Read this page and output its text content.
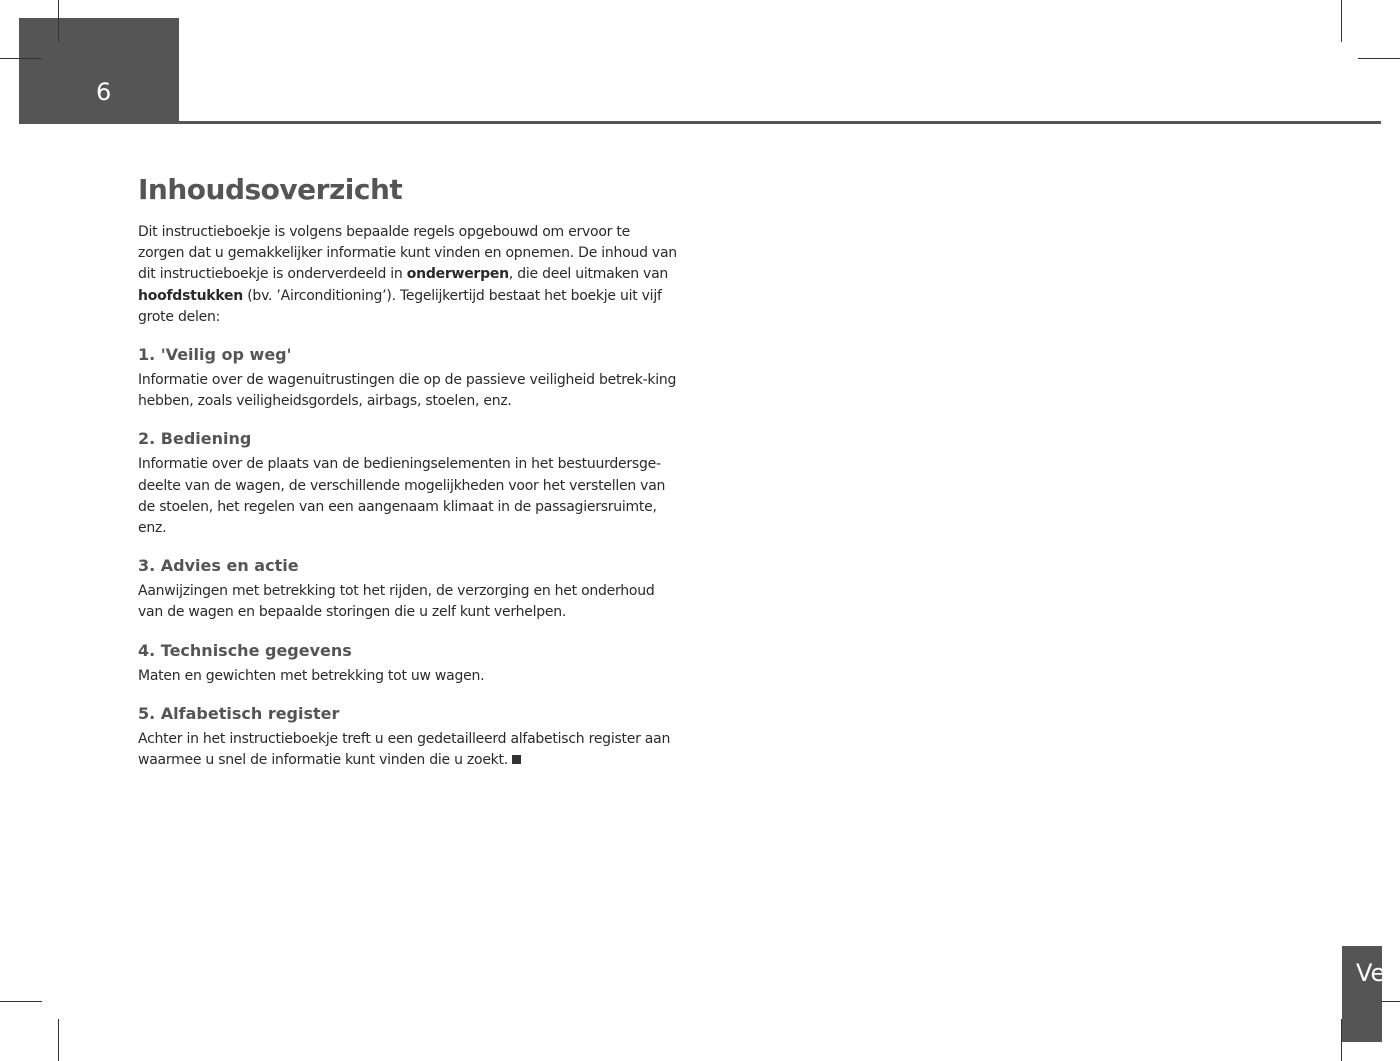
6
Ve
Inhoudsoverzicht

Dit instructieboekje is volgens bepaalde regels opgebouwd om ervoor te zorgen dat u gemakkelijker informatie kunt vinden en opnemen. De inhoud van dit instructieboekje is onderverdeeld in onderwerpen, die deel uitmaken van hoofdstukken (bv. ’Airconditioning’). Tegelijkertijd bestaat het boekje uit vijf grote delen:

1. 'Veilig op weg'

Informatie over de wagenuitrustingen die op de passieve veiligheid betrek-king hebben, zoals veiligheidsgordels, airbags, stoelen, enz.

2. Bediening

Informatie over de plaats van de bedieningselementen in het bestuurdersge-deelte van de wagen, de verschillende mogelijkheden voor het verstellen van de stoelen, het regelen van een aangenaam klimaat in de passagiersruimte, enz.

3. Advies en actie

Aanwijzingen met betrekking tot het rijden, de verzorging en het onderhoud van de wagen en bepaalde storingen die u zelf kunt verhelpen.

4. Technische gegevens

Maten en gewichten met betrekking tot uw wagen.

5. Alfabetisch register

Achter in het instructieboekje treft u een gedetailleerd alfabetisch register aan waarmee u snel de informatie kunt vinden die u zoekt.
